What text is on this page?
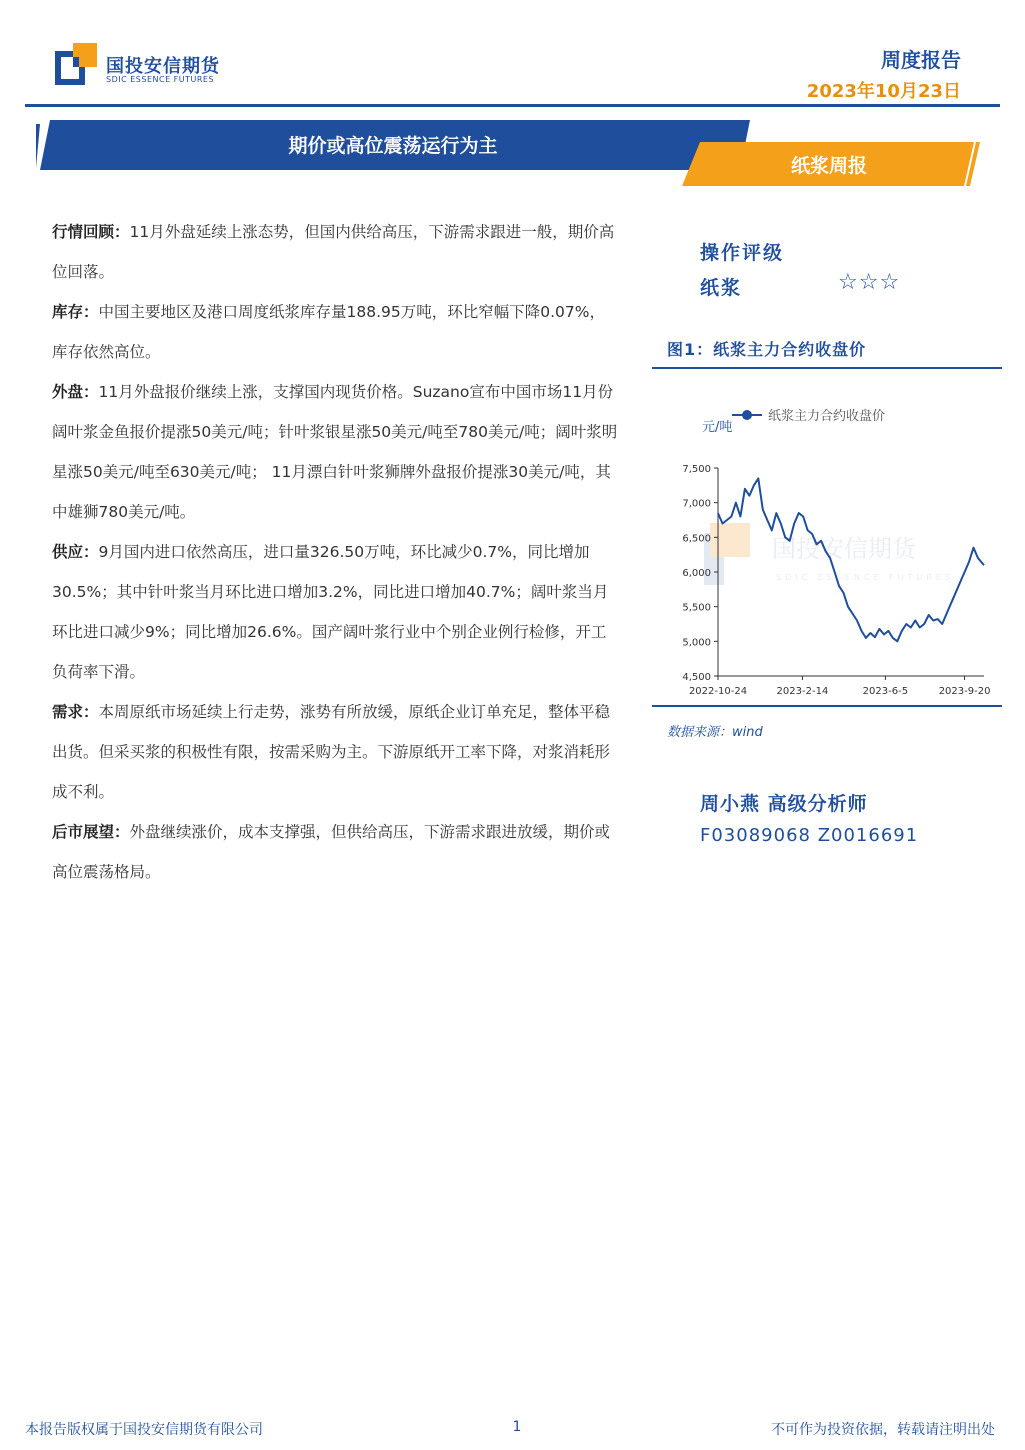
国投安信期货
SDIC ESSENCE FUTURES
周度报告
2023年10月23日
期价或高位震荡运行为主
纸浆周报

行情回顾：11月外盘延续上涨态势，但国内供给高压，下游需求跟进一般，期价高位回落。

库存：中国主要地区及港口周度纸浆库存量188.95万吨，环比窄幅下降0.07%，库存依然高位。

外盘：11月外盘报价继续上涨，支撑国内现货价格。Suzano宣布中国市场11月份阔叶浆金鱼报价提涨50美元/吨；针叶浆银星涨50美元/吨至780美元/吨；阔叶浆明星涨50美元/吨至630美元/吨； 11月漂白针叶浆狮牌外盘报价提涨30美元/吨，其中雄狮780美元/吨。

供应：9月国内进口依然高压，进口量326.50万吨，环比减少0.7%，同比增加30.5%；其中针叶浆当月环比进口增加3.2%，同比进口增加40.7%；阔叶浆当月环比进口减少9%；同比增加26.6%。国产阔叶浆行业中个别企业例行检修，开工负荷率下滑。

需求：本周原纸市场延续上行走势，涨势有所放缓，原纸企业订单充足，整体平稳出货。但采买浆的积极性有限，按需采购为主。下游原纸开工率下降，对浆消耗形成不利。

后市展望：外盘继续涨价，成本支撑强，但供给高压，下游需求跟进放缓，期价或高位震荡格局。

操作评级
纸浆	☆☆☆
图1：纸浆主力合约收盘价
国投安信期货
SDIC ESSENCE FUTURES
7,500
7,000
6,500
6,000
5,500
5,000
4,500
2022-10-24	2023-2-14	2023-6-5	2023-9-20
纸浆主力合约收盘价
元/吨
数据来源：wind
周小燕 高级分析师
F03089068 Z0016691
本报告版权属于国投安信期货有限公司	1	不可作为投资依据，转载请注明出处
